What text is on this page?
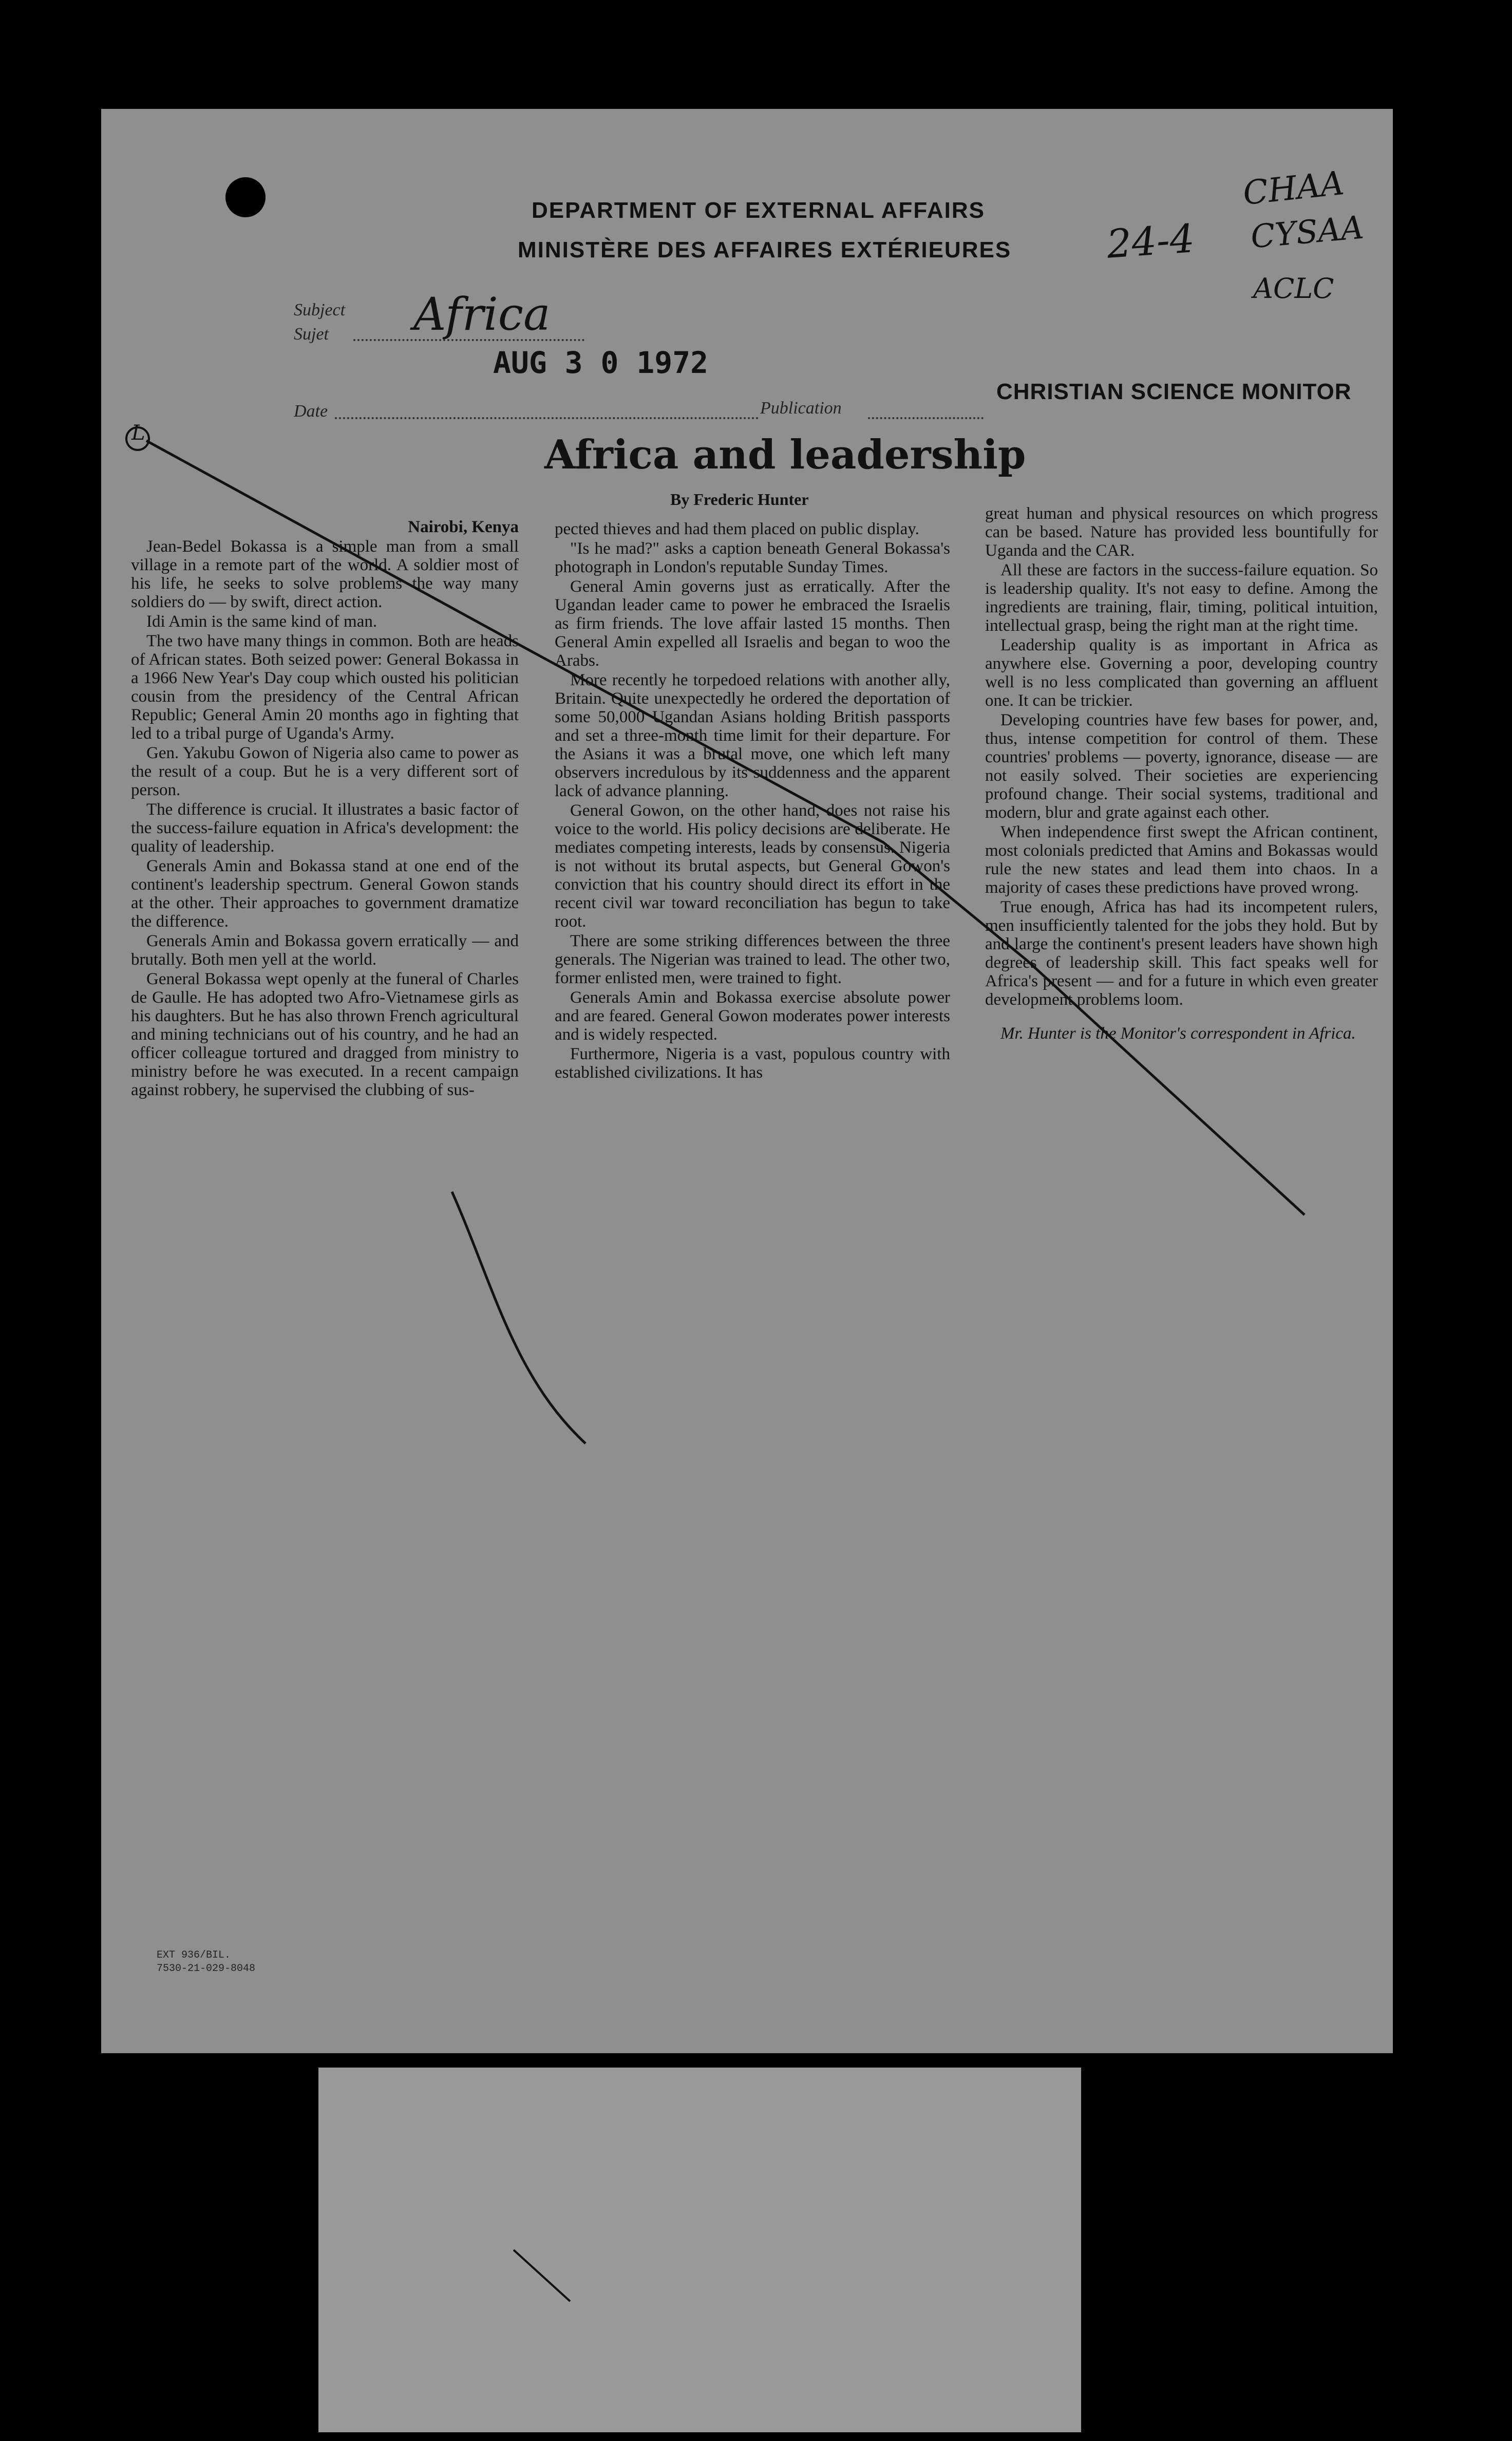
DEPARTMENT OF EXTERNAL AFFAIRS
MINISTÈRE DES AFFAIRES EXTÉRIEURES
Subject
Sujet Africa
AUG 3 0 1972
Date	Publication
CHRISTIAN SCIENCE MONITOR
24-4
CHAA
CYSAA
ACLC
L	Africa and leadership
By Frederic Hunter
Nairobi, Kenya

Jean-Bedel Bokassa is a simple man from a small village in a remote part of the world. A soldier most of his life, he seeks to solve problems the way many soldiers do — by swift, direct action.

Idi Amin is the same kind of man.

The two have many things in common. Both are heads of African states. Both seized power: General Bokassa in a 1966 New Year's Day coup which ousted his politician cousin from the presidency of the Central African Republic; General Amin 20 months ago in fighting that led to a tribal purge of Uganda's Army.

Gen. Yakubu Gowon of Nigeria also came to power as the result of a coup. But he is a very different sort of person.

The difference is crucial. It illustrates a basic factor of the success-failure equation in Africa's development: the quality of leadership.

Generals Amin and Bokassa stand at one end of the continent's leadership spectrum. General Gowon stands at the other. Their approaches to government dramatize the difference.

Generals Amin and Bokassa govern erratically — and brutally. Both men yell at the world.

General Bokassa wept openly at the funeral of Charles de Gaulle. He has adopted two Afro-Vietnamese girls as his daughters. But he has also thrown French agricultural and mining technicians out of his country, and he had an officer colleague tortured and dragged from ministry to ministry before he was executed. In a recent campaign against robbery, he supervised the clubbing of sus-

pected thieves and had them placed on public display.

"Is he mad?" asks a caption beneath General Bokassa's photograph in London's reputable Sunday Times.

General Amin governs just as erratically. After the Ugandan leader came to power he embraced the Israelis as firm friends. The love affair lasted 15 months. Then General Amin expelled all Israelis and began to woo the Arabs.

More recently he torpedoed relations with another ally, Britain. Quite unexpectedly he ordered the deportation of some 50,000 Ugandan Asians holding British passports and set a three-month time limit for their departure. For the Asians it was a brutal move, one which left many observers incredulous by its suddenness and the apparent lack of advance planning.

General Gowon, on the other hand, does not raise his voice to the world. His policy decisions are deliberate. He mediates competing interests, leads by consensus. Nigeria is not without its brutal aspects, but General Gowon's conviction that his country should direct its effort in the recent civil war toward reconciliation has begun to take root.

There are some striking differences between the three generals. The Nigerian was trained to lead. The other two, former enlisted men, were trained to fight.

Generals Amin and Bokassa exercise absolute power and are feared. General Gowon moderates power interests and is widely respected.

Furthermore, Nigeria is a vast, populous country with established civilizations. It has

great human and physical resources on which progress can be based. Nature has provided less bountifully for Uganda and the CAR.

All these are factors in the success-failure equation. So is leadership quality. It's not easy to define. Among the ingredients are training, flair, timing, political intuition, intellectual grasp, being the right man at the right time.

Leadership quality is as important in Africa as anywhere else. Governing a poor, developing country well is no less complicated than governing an affluent one. It can be trickier.

Developing countries have few bases for power, and, thus, intense competition for control of them. These countries' problems — poverty, ignorance, disease — are not easily solved. Their societies are experiencing profound change. Their social systems, traditional and modern, blur and grate against each other.

When independence first swept the African continent, most colonials predicted that Amins and Bokassas would rule the new states and lead them into chaos. In a majority of cases these predictions have proved wrong.

True enough, Africa has had its incompetent rulers, men insufficiently talented for the jobs they hold. But by and large the continent's present leaders have shown high degrees of leadership skill. This fact speaks well for Africa's present — and for a future in which even greater development problems loom.

Mr. Hunter is the Monitor's correspondent in Africa.

EXT 936/BIL.
7530-21-029-8048
